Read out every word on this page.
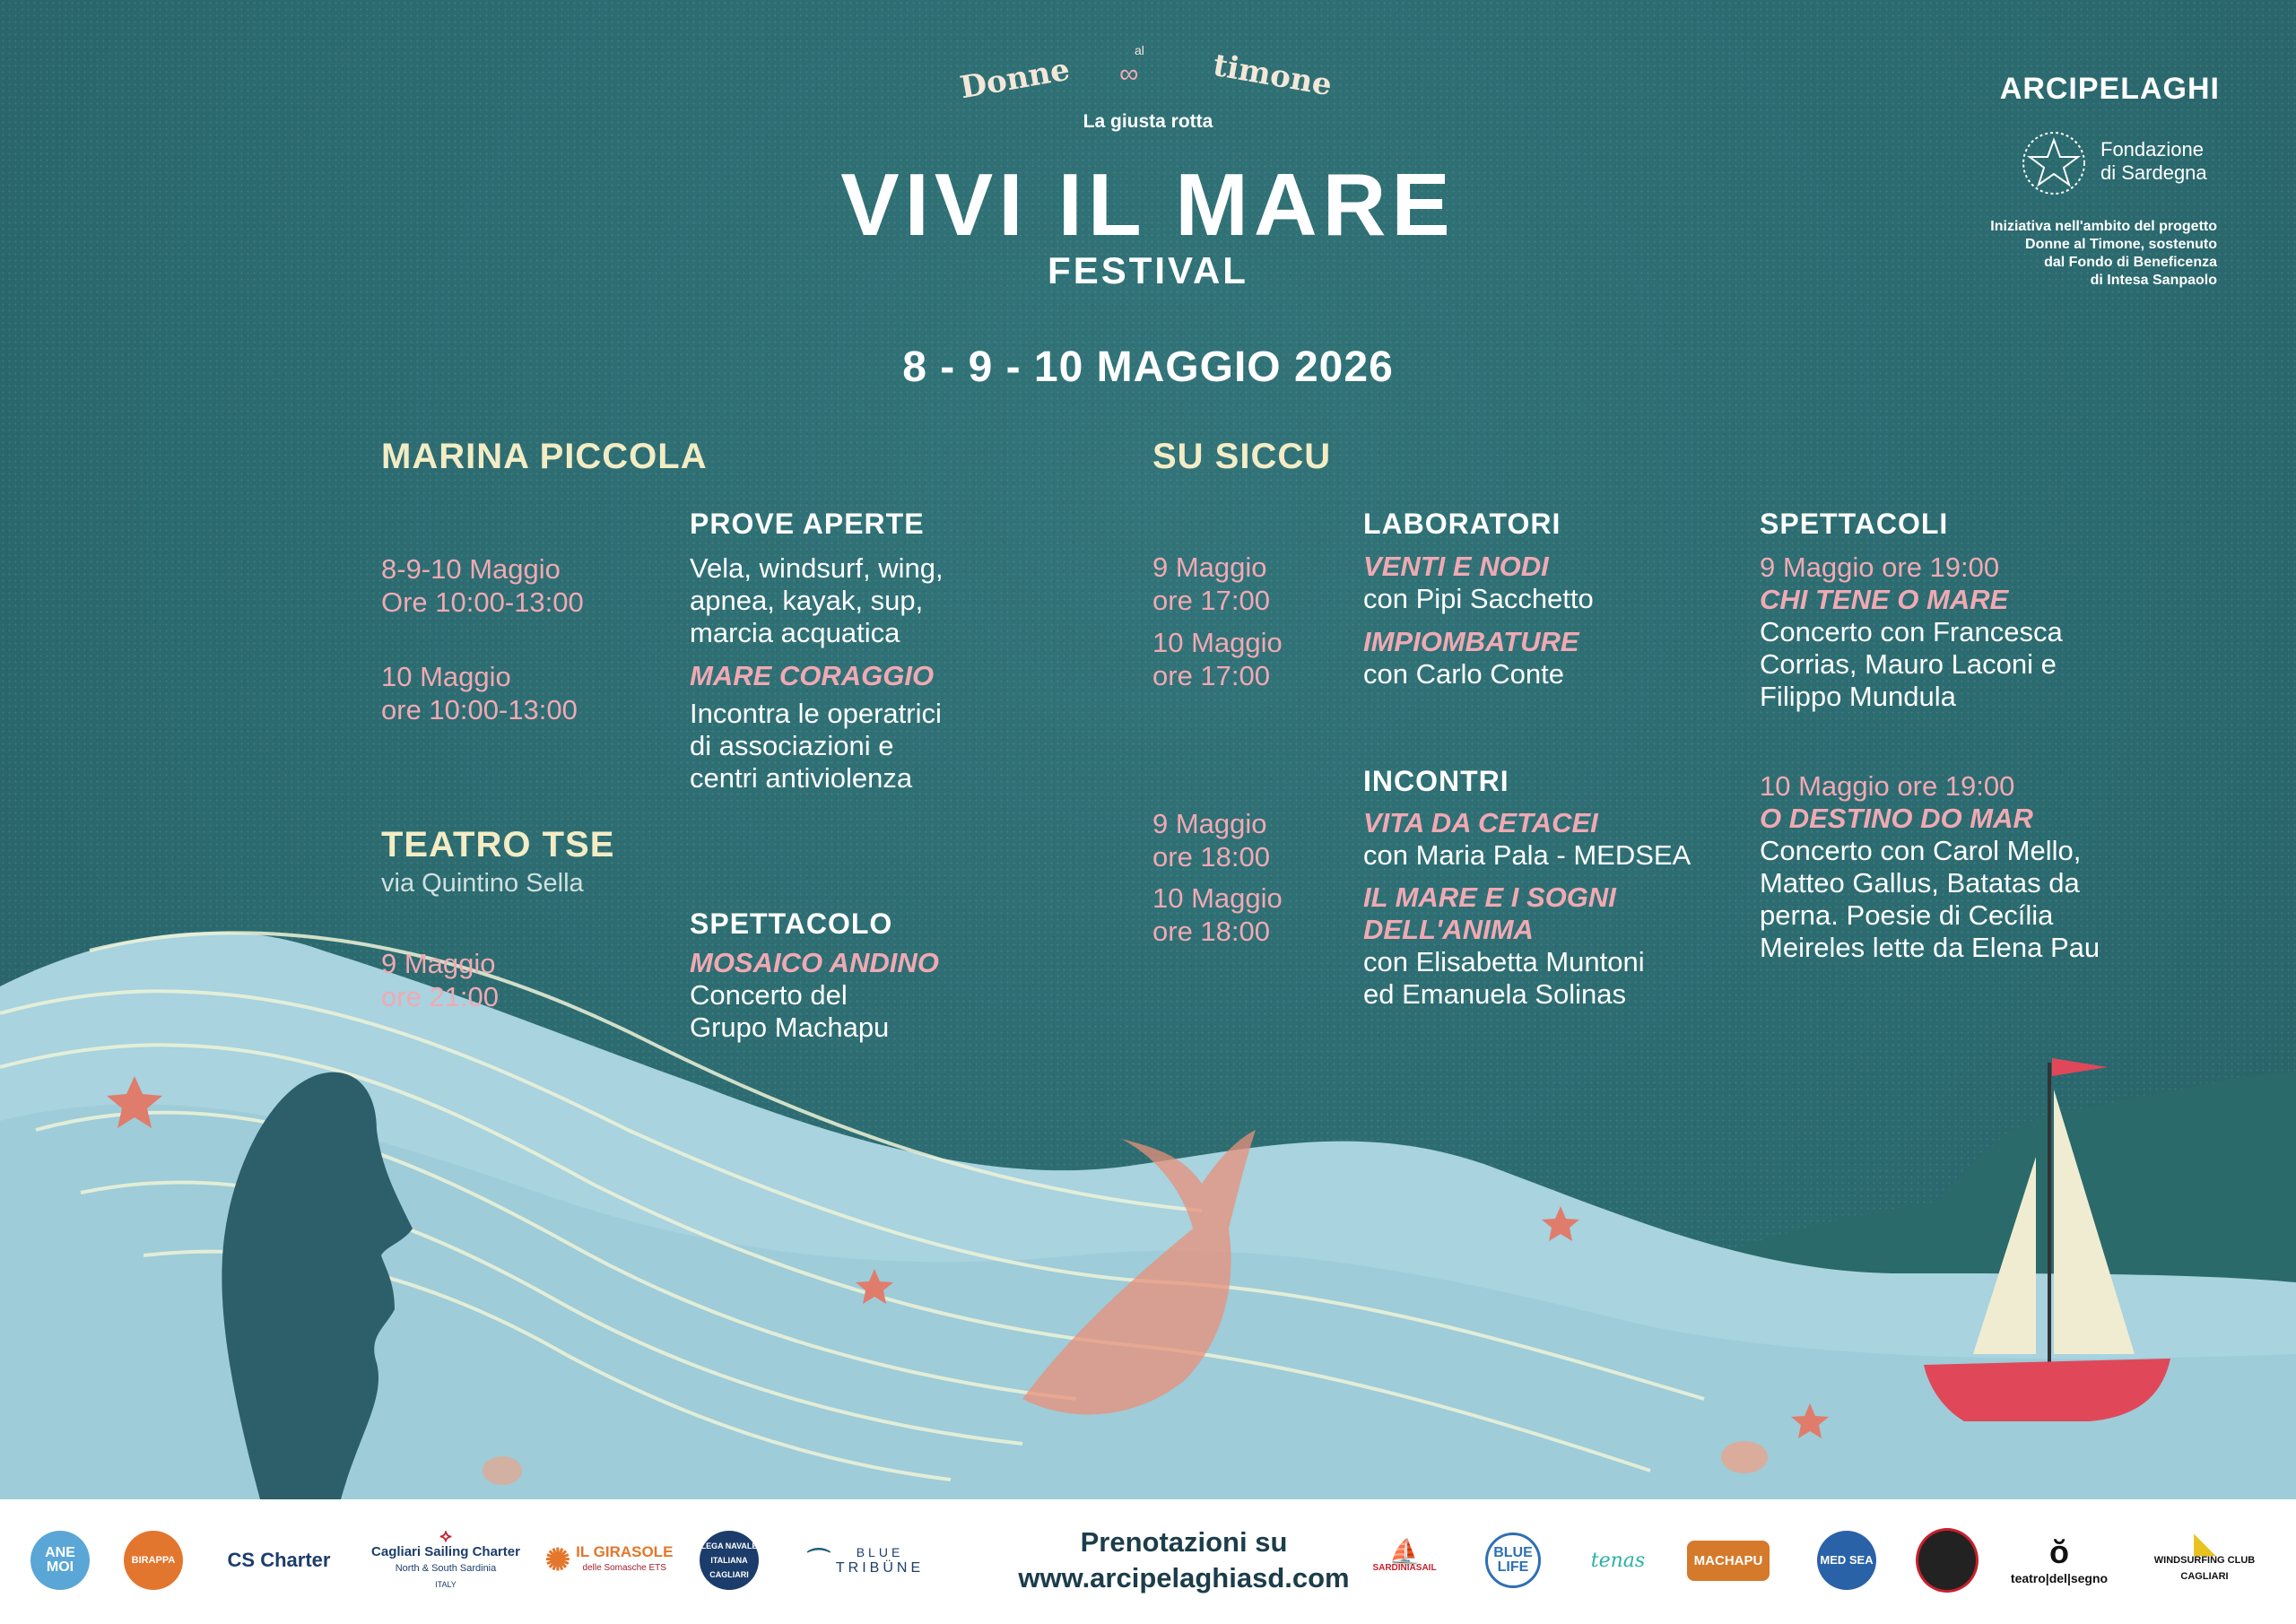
Donne ∞
al timone
La giusta rotta
VIVI IL MARE
FESTIVAL
8 - 9 - 10 MAGGIO 2026
ARCIPELAGHI
Fondazione
di Sardegna
Iniziativa nell'ambito del progetto
Donne al Timone, sostenuto
dal Fondo di Beneficenza
di Intesa Sanpaolo
MARINA PICCOLA
PROVE APERTE
8-9-10 Maggio
Ore 10:00-13:00
Vela, windsurf, wing,
apnea, kayak, sup,
marcia acquatica
10 Maggio
ore 10:00-13:00
MARE CORAGGIO
Incontra le operatrici
di associazioni e
centri antiviolenza
TEATRO TSE
via Quintino Sella
SPETTACOLO
9 Maggio
ore 21:00
MOSAICO ANDINO
Concerto del
Grupo Machapu
SU SICCU
LABORATORI
9 Maggio
ore 17:00
VENTI E NODI
con Pipi Sacchetto
10 Maggio
ore 17:00
IMPIOMBATURE
con Carlo Conte
INCONTRI
9 Maggio
ore 18:00
VITA DA CETACEI
con Maria Pala - MEDSEA
10 Maggio
ore 18:00
IL MARE E I SOGNI
DELL'ANIMA
con Elisabetta Muntoni
ed Emanuela Solinas
SPETTACOLI
9 Maggio ore 19:00
CHI TENE O MARE
Concerto con Francesca
Corrias, Mauro Laconi e
Filippo Mundula
10 Maggio ore 19:00
O DESTINO DO MAR
Concerto con Carol Mello,
Matteo Gallus, Batatas da
perna. Poesie di Cecília
Meireles lette da Elena Pau
ANE MOI	BIRAPPA	CS Charter
⟡
Cagliari Sailing Charter
North & South Sardinia
ITALY
✺ IL GIRASOLE
delle Somasche ETS
LEGA NAVALE ITALIANA CAGLIARI
⌒	BLUE
TRIBÜNE
Prenotazioni su
www.arcipelaghiasd.com
⛵
SARDINIASAIL
BLUE LIFE	tenas	MACHAPU	MED SEA	ŏ
teatro|del|segno
◣
WINDSURFING CLUB
CAGLIARI
